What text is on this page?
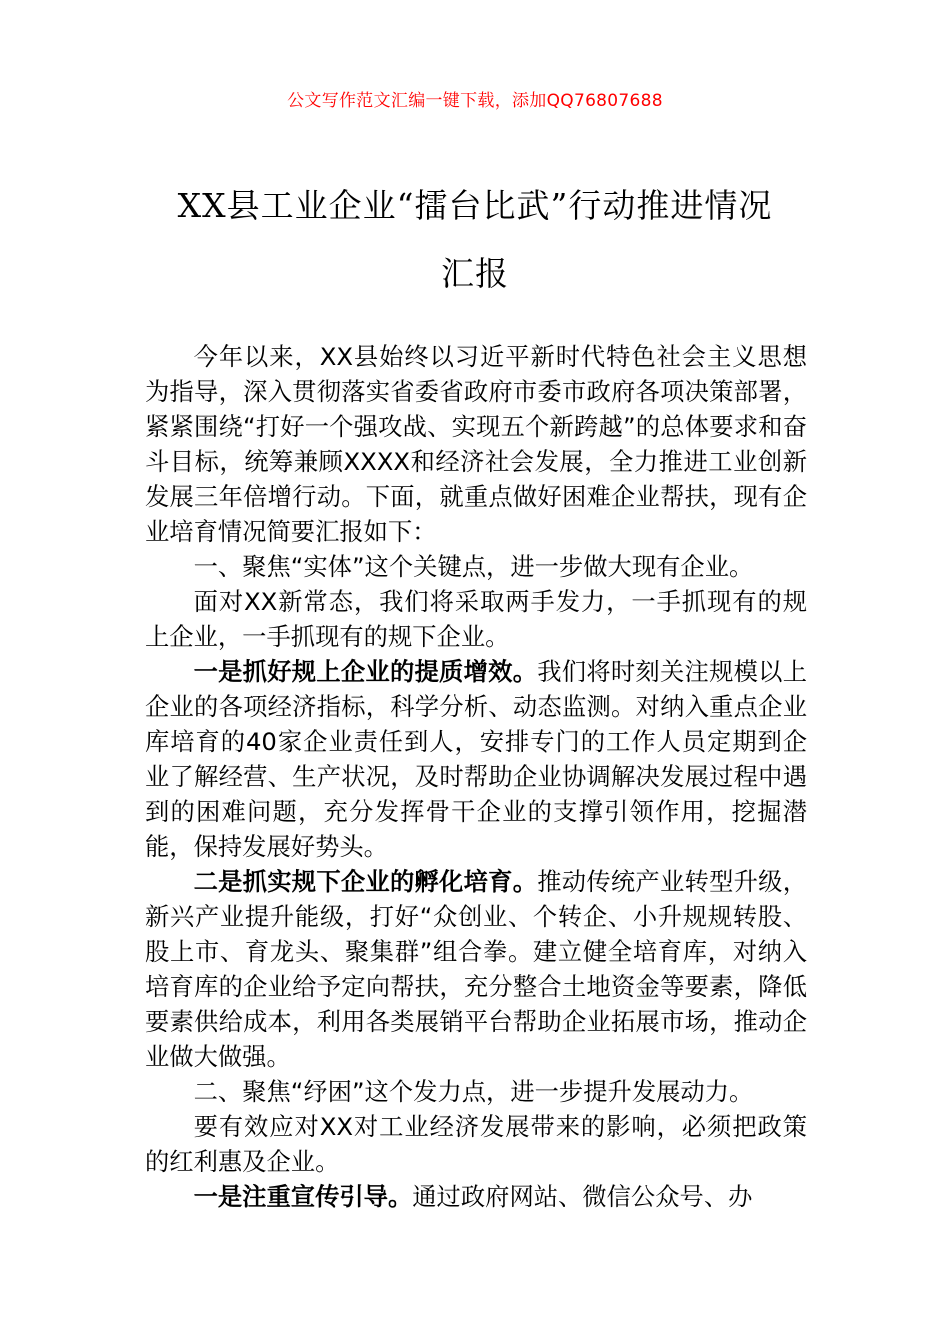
公文写作范文汇编一键下载，添加QQ76807688
XX县工业企业“擂台比武”行动推进情况
汇报

今年以来，XX县始终以习近平新时代特色社会主义思想为指导，深入贯彻落实省委省政府市委市政府各项决策部署，紧紧围绕“打好一个强攻战、实现五个新跨越”的总体要求和奋斗目标，统筹兼顾XXXX和经济社会发展，全力推进工业创新发展三年倍增行动。下面，就重点做好困难企业帮扶，现有企业培育情况简要汇报如下：

一、聚焦“实体”这个关键点，进一步做大现有企业。

面对XX新常态，我们将采取两手发力，一手抓现有的规上企业，一手抓现有的规下企业。

一是抓好规上企业的提质增效。我们将时刻关注规模以上企业的各项经济指标，科学分析、动态监测。对纳入重点企业库培育的40家企业责任到人，安排专门的工作人员定期到企业了解经营、生产状况，及时帮助企业协调解决发展过程中遇到的困难问题，充分发挥骨干企业的支撑引领作用，挖掘潜能，保持发展好势头。

二是抓实规下企业的孵化培育。推动传统产业转型升级，新兴产业提升能级，打好“众创业、个转企、小升规规转股、股上市、育龙头、聚集群”组合拳。建立健全培育库，对纳入培育库的企业给予定向帮扶，充分整合土地资金等要素，降低要素供给成本，利用各类展销平台帮助企业拓展市场，推动企业做大做强。

二、聚焦“纾困”这个发力点，进一步提升发展动力。

要有效应对XX对工业经济发展带来的影响，必须把政策的红利惠及企业。

一是注重宣传引导。通过政府网站、微信公众号、办
